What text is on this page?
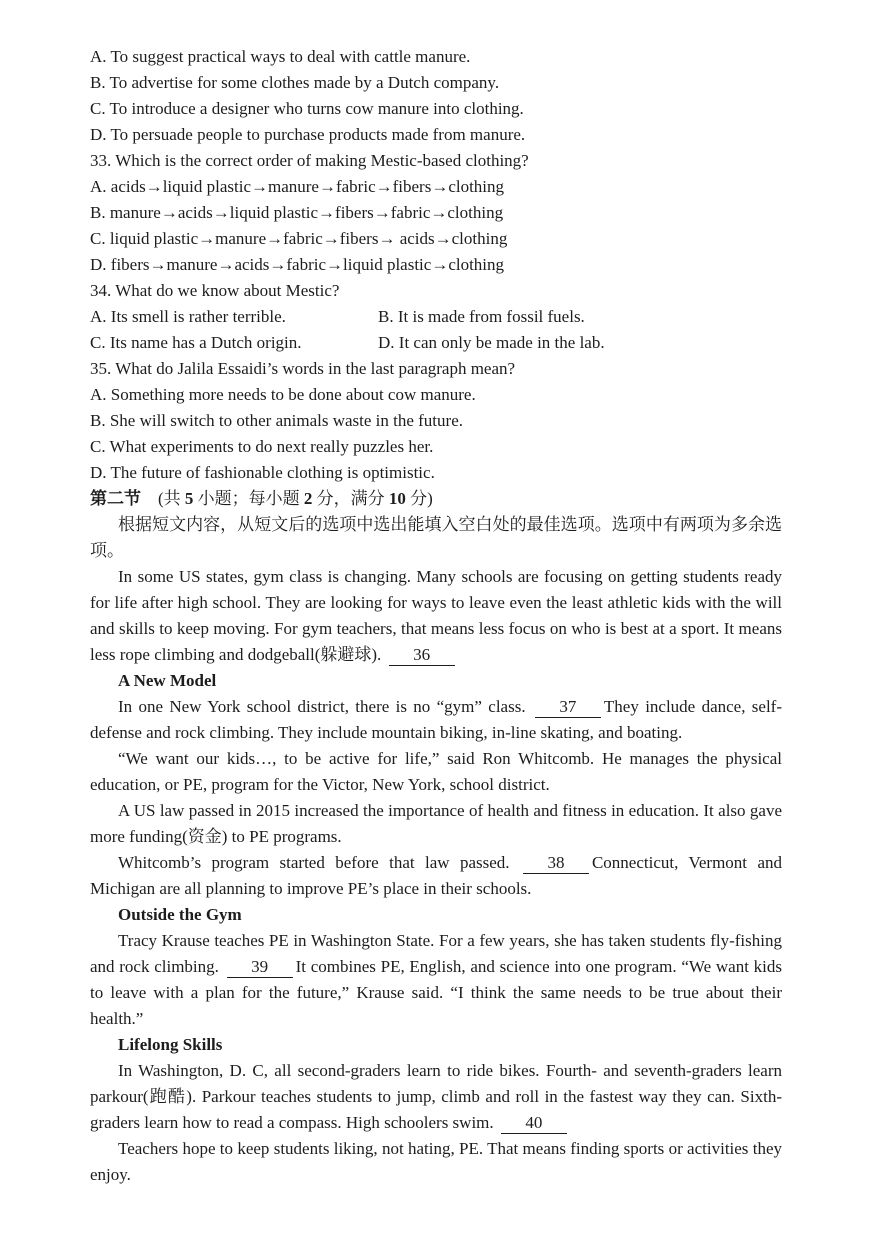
A. To suggest practical ways to deal with cattle manure.
B. To advertise for some clothes made by a Dutch company.
C. To introduce a designer who turns cow manure into clothing.
D. To persuade people to purchase products made from manure.
33. Which is the correct order of making Mestic-based clothing?
A. acids→liquid plastic→manure→fabric→fibers→clothing
B. manure→acids→liquid plastic→fibers→fabric→clothing
C. liquid plastic→manure→fabric→fibers→ acids→clothing
D. fibers→manure→acids→fabric→liquid plastic→clothing
34. What do we know about Mestic?
A. Its smell is rather terrible.	B. It is made from fossil fuels.
C. Its name has a Dutch origin.	D. It can only be made in the lab.
35. What do Jalila Essaidi’s words in the last paragraph mean?
A. Something more needs to be done about cow manure.
B. She will switch to other animals waste in the future.
C. What experiments to do next really puzzles her.
D. The future of fashionable clothing is optimistic.
第二节　(共 5 小题；每小题 2 分，满分 10 分)
根据短文内容，从短文后的选项中选出能填入空白处的最佳选项。选项中有两项为多余选项。
In some US states, gym class is changing. Many schools are focusing on getting students ready for life after high school. They are looking for ways to leave even the least athletic kids with the will and skills to keep moving. For gym teachers, that means less focus on who is best at a sport. It means less rope climbing and dodgeball(躲避球). 36
A New Model
In one New York school district, there is no “gym” class. 37 They include dance, self-defense and rock climbing. They include mountain biking, in-line skating, and boating.
“We want our kids…, to be active for life,” said Ron Whitcomb. He manages the physical education, or PE, program for the Victor, New York, school district.
A US law passed in 2015 increased the importance of health and fitness in education. It also gave more funding(资金) to PE programs.
Whitcomb’s program started before that law passed. 38 Connecticut, Vermont and Michigan are all planning to improve PE’s place in their schools.
Outside the Gym
Tracy Krause teaches PE in Washington State. For a few years, she has taken students fly-fishing and rock climbing. 39 It combines PE, English, and science into one program. “We want kids to leave with a plan for the future,” Krause said. “I think the same needs to be true about their health.”
Lifelong Skills
In Washington, D. C, all second-graders learn to ride bikes. Fourth- and seventh-graders learn parkour(跑酷). Parkour teaches students to jump, climb and roll in the fastest way they can. Sixth-graders learn how to read a compass. High schoolers swim. 40
Teachers hope to keep students liking, not hating, PE. That means finding sports or activities they enjoy.
